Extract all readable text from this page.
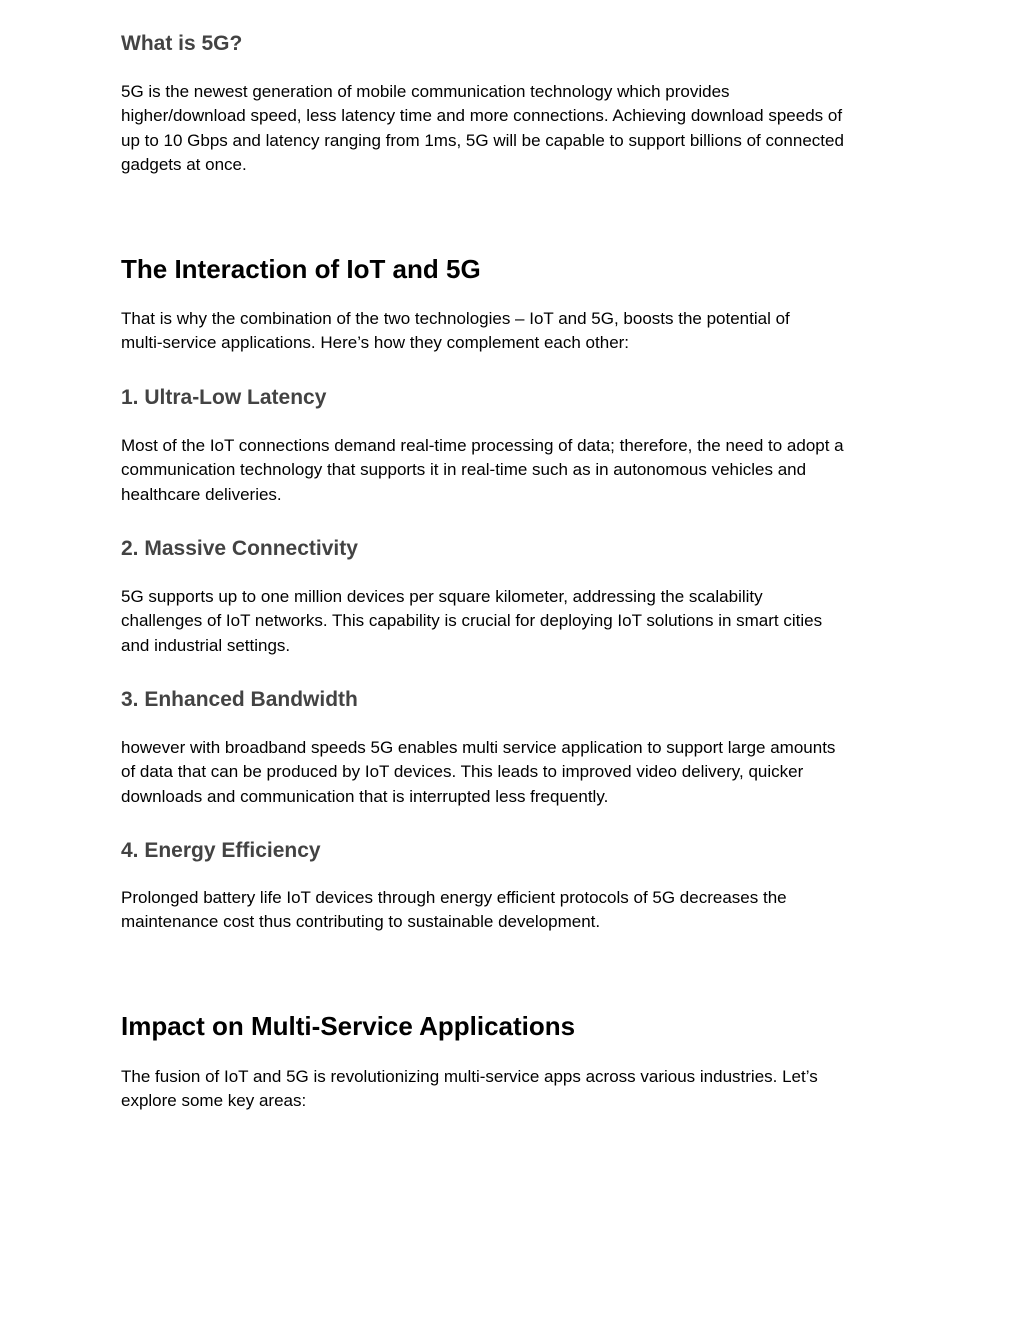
What is 5G?

5G is the newest generation of mobile communication technology which provides
higher/download speed, less latency time and more connections. Achieving download speeds of
up to 10 Gbps and latency ranging from 1ms, 5G will be capable to support billions of connected
gadgets at once.

The Interaction of IoT and 5G

That is why the combination of the two technologies – IoT and 5G, boosts the potential of
multi-service applications. Here’s how they complement each other:

1. Ultra-Low Latency

Most of the IoT connections demand real-time processing of data; therefore, the need to adopt a
communication technology that supports it in real-time such as in autonomous vehicles and
healthcare deliveries.

2. Massive Connectivity

5G supports up to one million devices per square kilometer, addressing the scalability
challenges of IoT networks. This capability is crucial for deploying IoT solutions in smart cities
and industrial settings.

3. Enhanced Bandwidth

however with broadband speeds 5G enables multi service application to support large amounts
of data that can be produced by IoT devices. This leads to improved video delivery, quicker
downloads and communication that is interrupted less frequently.

4. Energy Efficiency

Prolonged battery life IoT devices through energy efficient protocols of 5G decreases the
maintenance cost thus contributing to sustainable development.

Impact on Multi-Service Applications

The fusion of IoT and 5G is revolutionizing multi-service apps across various industries. Let’s
explore some key areas:
